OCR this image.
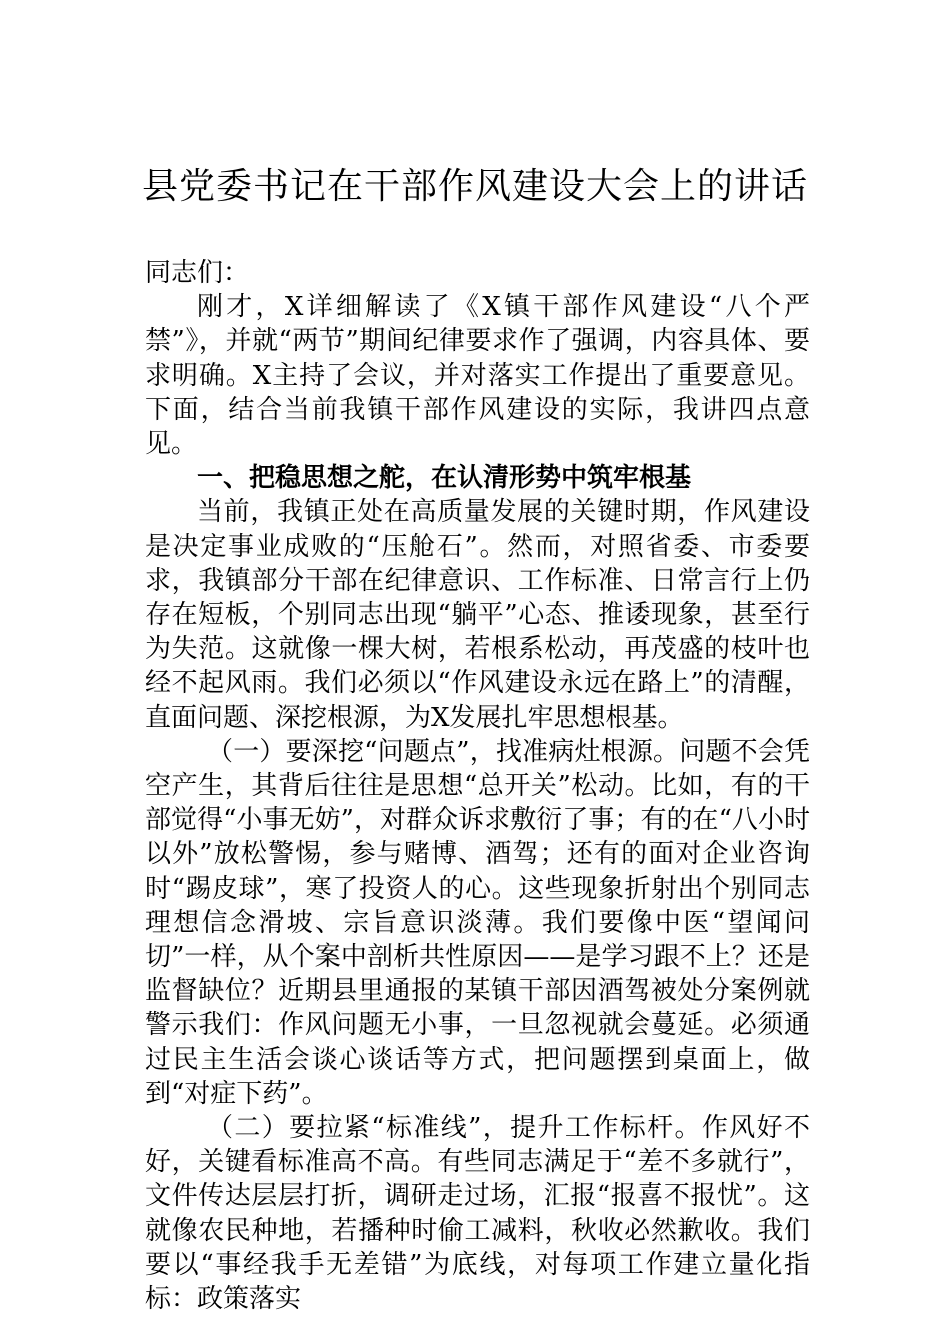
县党委书记在干部作风建设大会上的讲话

同志们：

刚才，X详细解读了《X镇干部作风建设“八个严禁”》，并就“两节”期间纪律要求作了强调，内容具体、要求明确。X主持了会议，并对落实工作提出了重要意见。下面，结合当前我镇干部作风建设的实际，我讲四点意见。

一、把稳思想之舵，在认清形势中筑牢根基

当前，我镇正处在高质量发展的关键时期，作风建设是决定事业成败的“压舱石”。然而，对照省委、市委要求，我镇部分干部在纪律意识、工作标准、日常言行上仍存在短板，个别同志出现“躺平”心态、推诿现象，甚至行为失范。这就像一棵大树，若根系松动，再茂盛的枝叶也经不起风雨。我们必须以“作风建设永远在路上”的清醒，直面问题、深挖根源，为X发展扎牢思想根基。

（一）要深挖“问题点”，找准病灶根源。问题不会凭空产生，其背后往往是思想“总开关”松动。比如，有的干部觉得“小事无妨”，对群众诉求敷衍了事；有的在“八小时以外”放松警惕，参与赌博、酒驾；还有的面对企业咨询时“踢皮球”，寒了投资人的心。这些现象折射出个别同志理想信念滑坡、宗旨意识淡薄。我们要像中医“望闻问切”一样，从个案中剖析共性原因——是学习跟不上？还是监督缺位？近期县里通报的某镇干部因酒驾被处分案例就警示我们：作风问题无小事，一旦忽视就会蔓延。必须通过民主生活会谈心谈话等方式，把问题摆到桌面上，做到“对症下药”。

（二）要拉紧“标准线”，提升工作标杆。作风好不好，关键看标准高不高。有些同志满足于“差不多就行”，文件传达层层打折，调研走过场，汇报“报喜不报忧”。这就像农民种地，若播种时偷工减料，秋收必然歉收。我们要以“事经我手无差错”为底线，对每项工作建立量化指标：政策落实
